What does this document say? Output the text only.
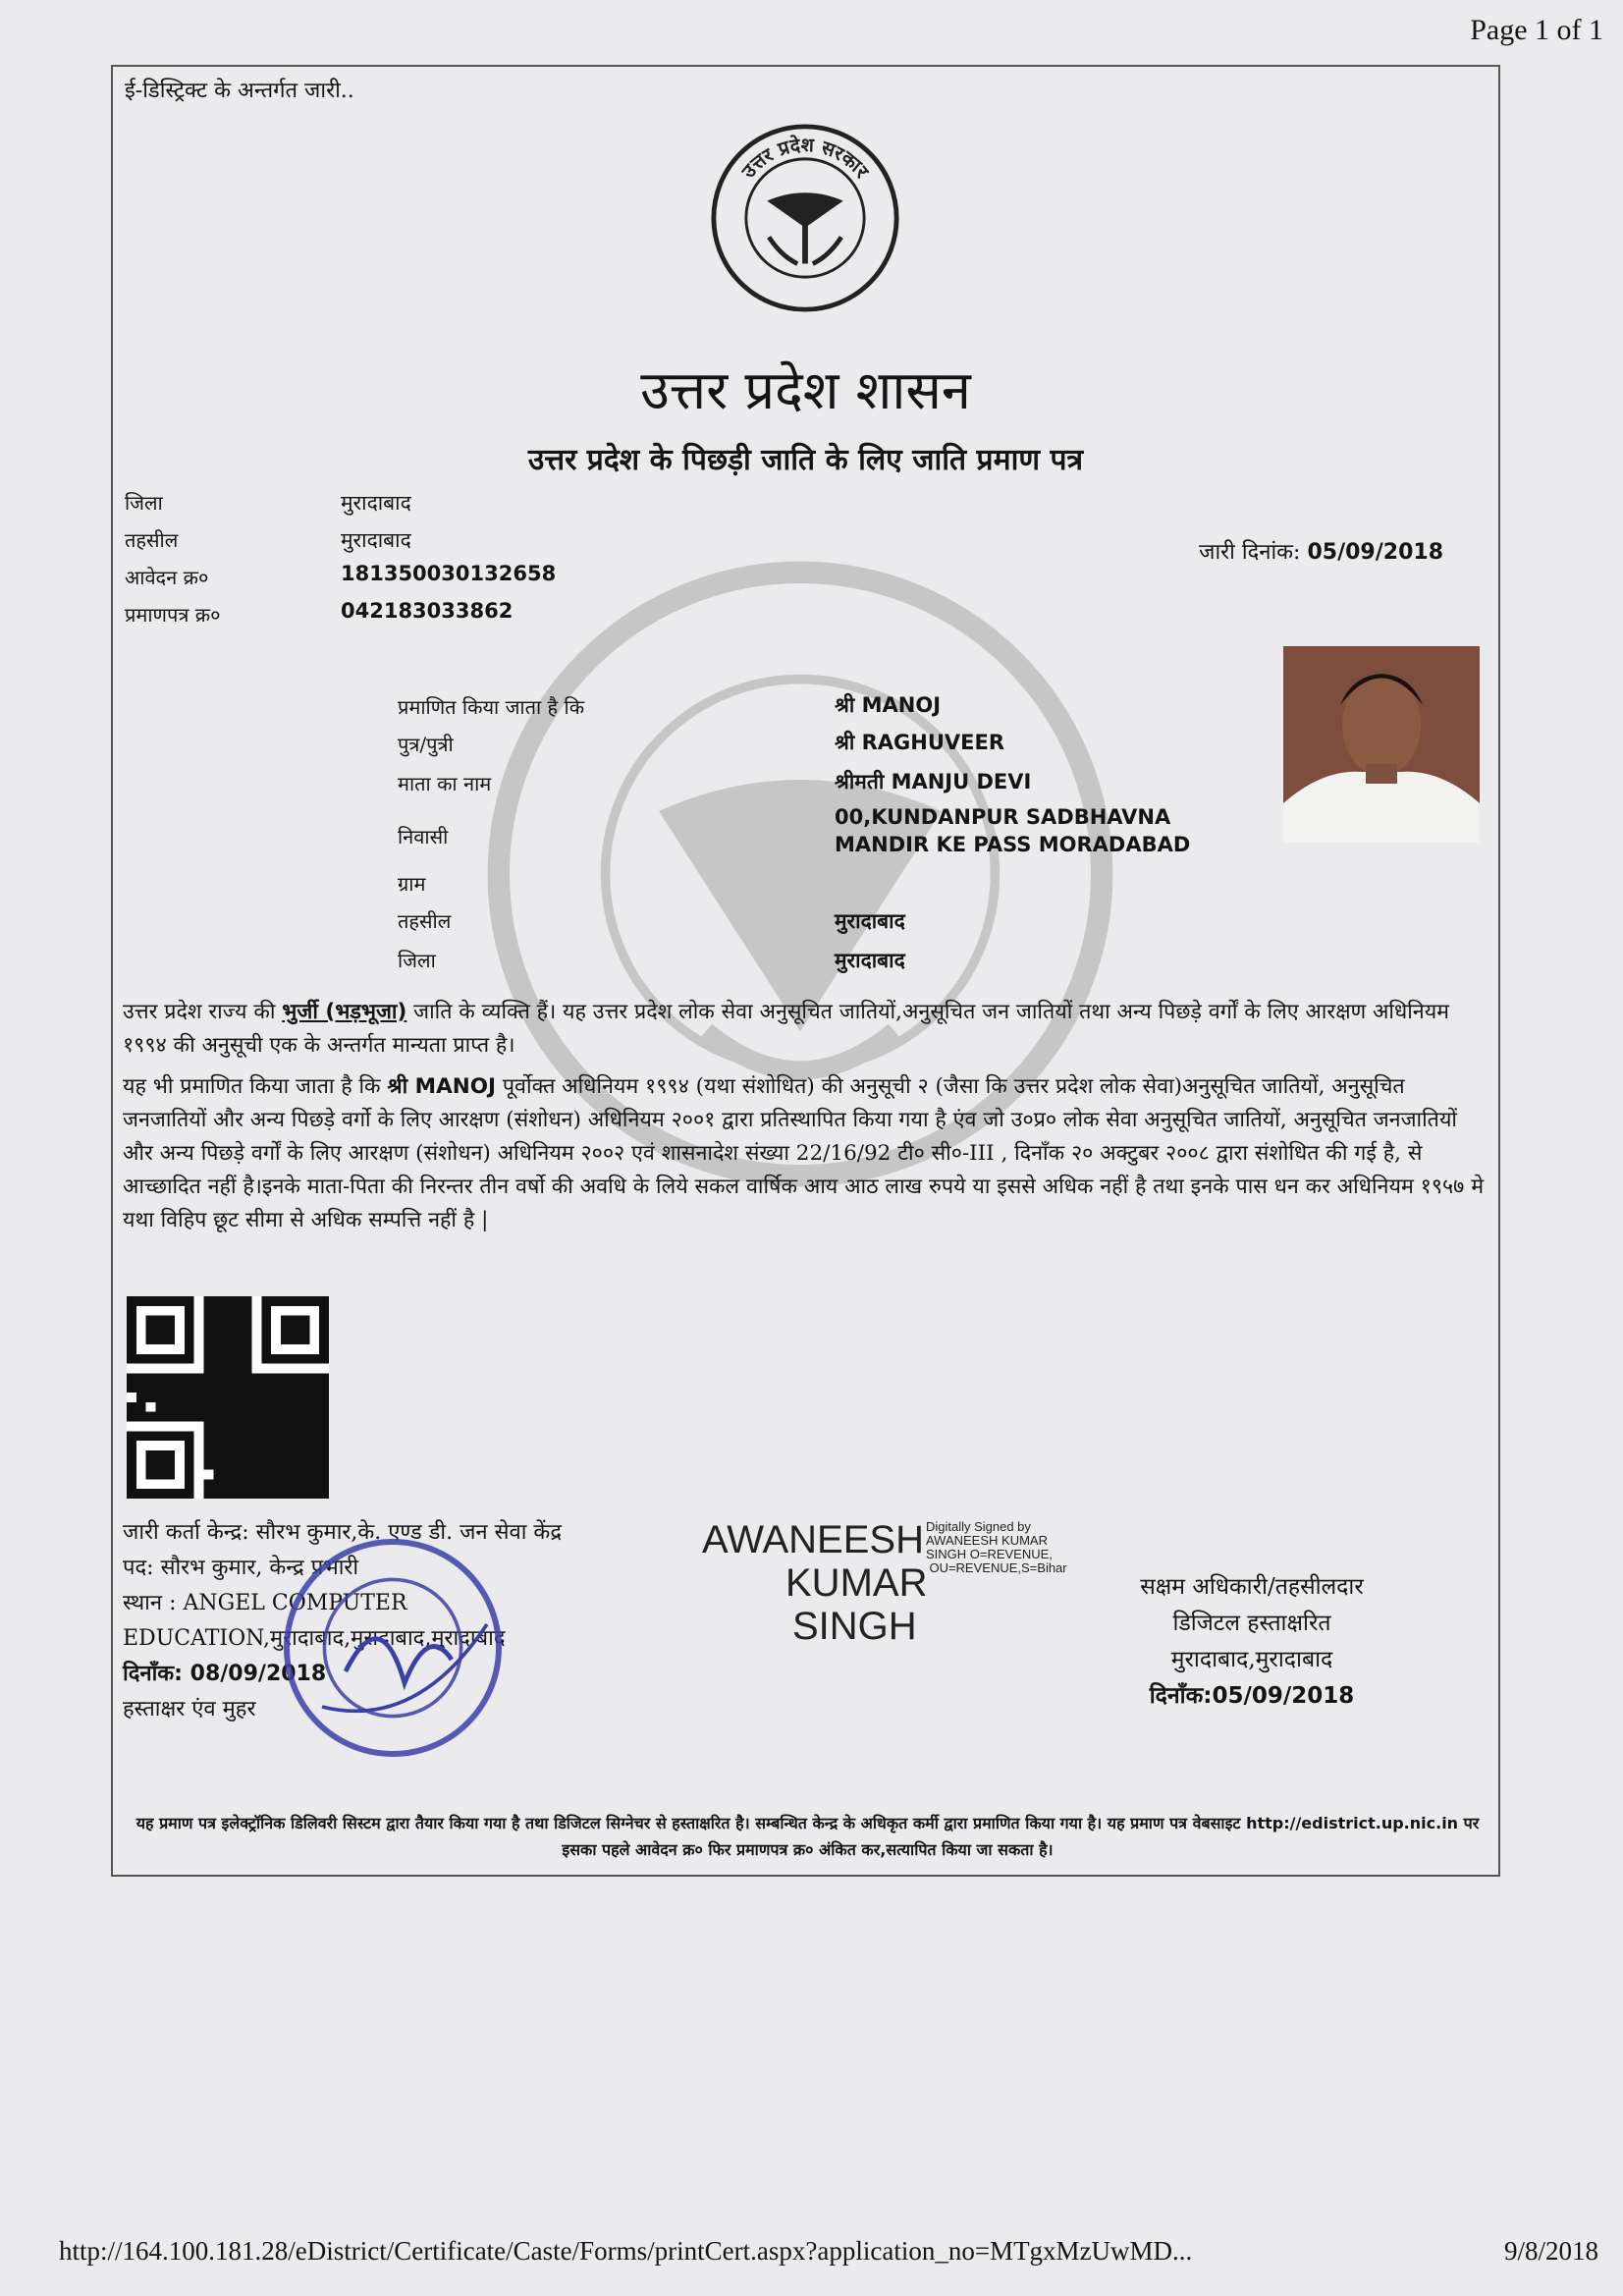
Page 1 of 1
ई-डिस्ट्रिक्ट के अन्तर्गत जारी..
उत्तर प्रदेश सरकार
उत्तर प्रदेश शासन
उत्तर प्रदेश के पिछड़ी जाति के लिए जाति प्रमाण पत्र
जिला	मुरादाबाद
तहसील	मुरादाबाद
आवेदन क्र०	181350030132658
प्रमाणपत्र क्र०	042183033862
जारी दिनांक: 05/09/2018
प्रमाणित किया जाता है कि	श्री MANOJ
पुत्र/पुत्री	श्री RAGHUVEER
माता का नाम	श्रीमती MANJU DEVI
निवासी
00,KUNDANPUR SADBHAVNA
MANDIR KE PASS MORADABAD
ग्राम
तहसील	मुरादाबाद
जिला	मुरादाबाद
उत्तर प्रदेश राज्य की भुर्जी (भड़भूजा) जाति के व्यक्ति हैं। यह उत्तर प्रदेश लोक सेवा अनुसूचित जातियों,अनुसूचित जन जातियों तथा अन्य पिछड़े वर्गों के लिए आरक्षण अधिनियम १९९४ की अनुसूची एक के अन्तर्गत मान्यता प्राप्त है।
यह भी प्रमाणित किया जाता है कि श्री MANOJ पूर्वोक्त अधिनियम १९९४ (यथा संशोधित) की अनुसूची २ (जैसा कि उत्तर प्रदेश लोक सेवा)अनुसूचित जातियों, अनुसूचित जनजातियों और अन्य पिछड़े वर्गो के लिए आरक्षण (संशोधन) अधिनियम २००१ द्वारा प्रतिस्थापित किया गया है एंव जो उ०प्र० लोक सेवा अनुसूचित जातियों, अनुसूचित जनजातियों और अन्य पिछड़े वर्गों के लिए आरक्षण (संशोधन) अधिनियम २००२ एवं शासनादेश संख्या 22/16/92 टी० सी०-III , दिनाँक २० अक्टुबर २००८ द्वारा संशोधित की गई है, से आच्छादित नहीं है।इनके माता-पिता की निरन्तर तीन वर्षो की अवधि के लिये सकल वार्षिक आय आठ लाख रुपये या इससे अधिक नहीं है तथा इनके पास धन कर अधिनियम १९५७ मे यथा विहिप छूट सीमा से अधिक सम्पत्ति नहीं है |
जारी कर्ता केन्द्र: सौरभ कुमार,के. एण्ड डी. जन सेवा केंद्र
पद: सौरभ कुमार, केन्द्र प्रभारी
स्थान : ANGEL COMPUTER
EDUCATION,मुरादाबाद,मुरादाबाद,मुरादाबाद
दिनाँक: 08/09/2018
हस्ताक्षर एंव मुहर
AWANEESH Digitally Signed by
AWANEESH KUMAR
SINGH O=REVENUE,
KUMAR OU=REVENUE,S=Bihar
SINGH
सक्षम अधिकारी/तहसीलदार
डिजिटल हस्ताक्षरित
मुरादाबाद,मुरादाबाद
दिनाँक:05/09/2018
यह प्रमाण पत्र इलेक्ट्रॉनिक डिलिवरी सिस्टम द्वारा तैयार किया गया है तथा डिजिटल सिग्नेचर से हस्ताक्षरित है। सम्बन्धित केन्द्र के अधिकृत कर्मी द्वारा प्रमाणित किया गया है। यह प्रमाण पत्र वेबसाइट http://edistrict.up.nic.in पर इसका पहले आवेदन क्र० फिर प्रमाणपत्र क्र० अंकित कर,सत्यापित किया जा सकता है।
http://164.100.181.28/eDistrict/Certificate/Caste/Forms/printCert.aspx?application_no=MTgxMzUwMD...	9/8/2018
